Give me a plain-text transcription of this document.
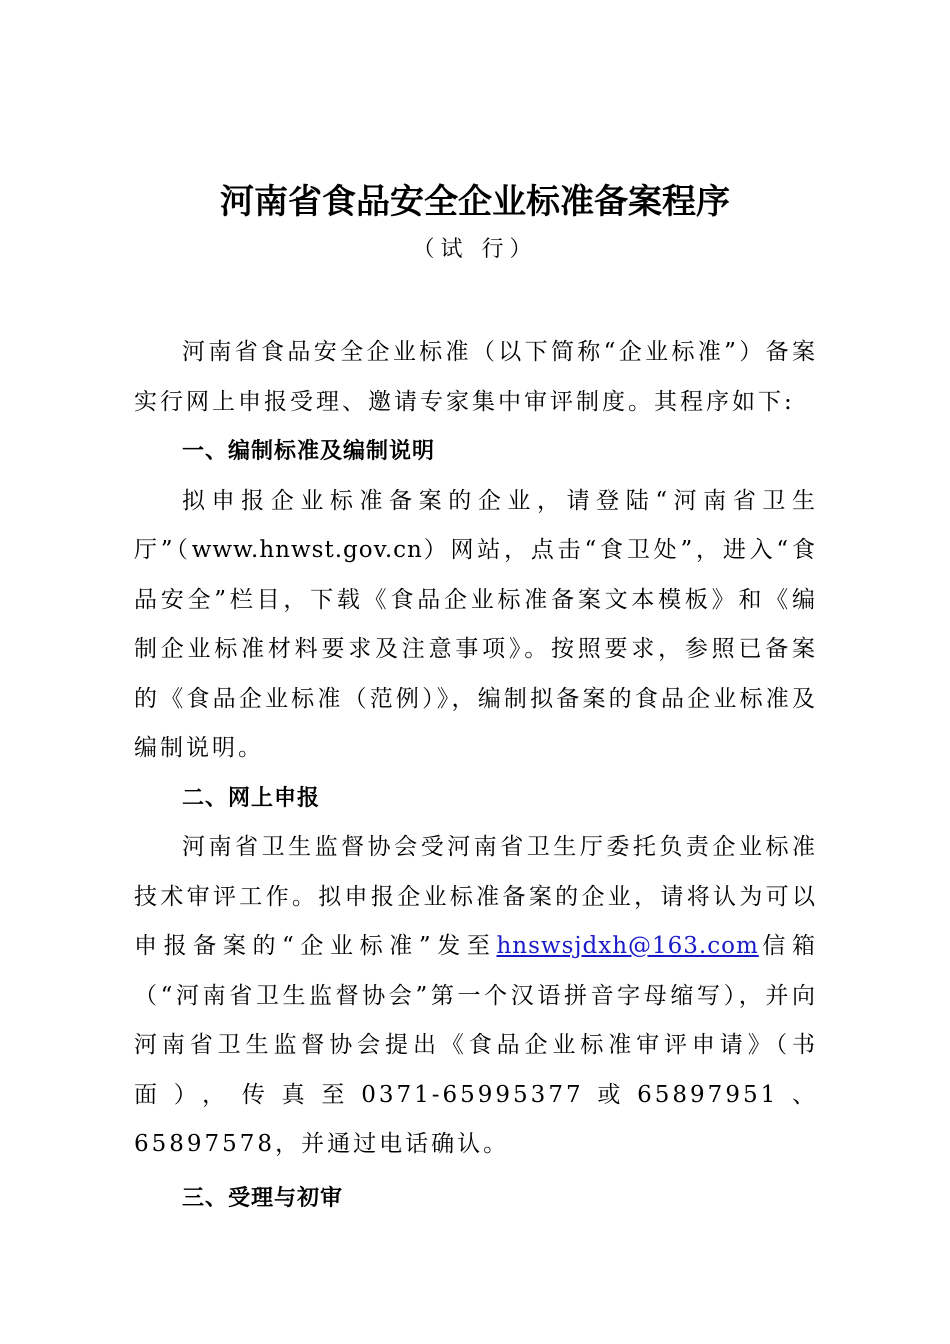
河南省食品安全企业标准备案程序
（试 行）

河南省食品安全企业标准（以下简称“企业标准”）备案实行网上申报受理、邀请专家集中审评制度。其程序如下:

一、编制标准及编制说明

拟申报企业标准备案的企业，请登陆“河南省卫生厅”（www.hnwst.gov.cn）网站，点击“食卫处”，进入“食品安全”栏目，下载《食品企业标准备案文本模板》和《编制企业标准材料要求及注意事项》。按照要求，参照已备案的《食品企业标准（范例）》，编制拟备案的食品企业标准及编制说明。

二、网上申报

河南省卫生监督协会受河南省卫生厅委托负责企业标准技术审评工作。拟申报企业标准备案的企业，请将认为可以申报备案的“企业标准”发至hnswsjdxh@163.com信箱（“河南省卫生监督协会”第一个汉语拼音字母缩写），并向河南省卫生监督协会提出《食品企业标准审评申请》（书面），传真至0371-65995377或65897951、65897578，并通过电话确认。

三、受理与初审
